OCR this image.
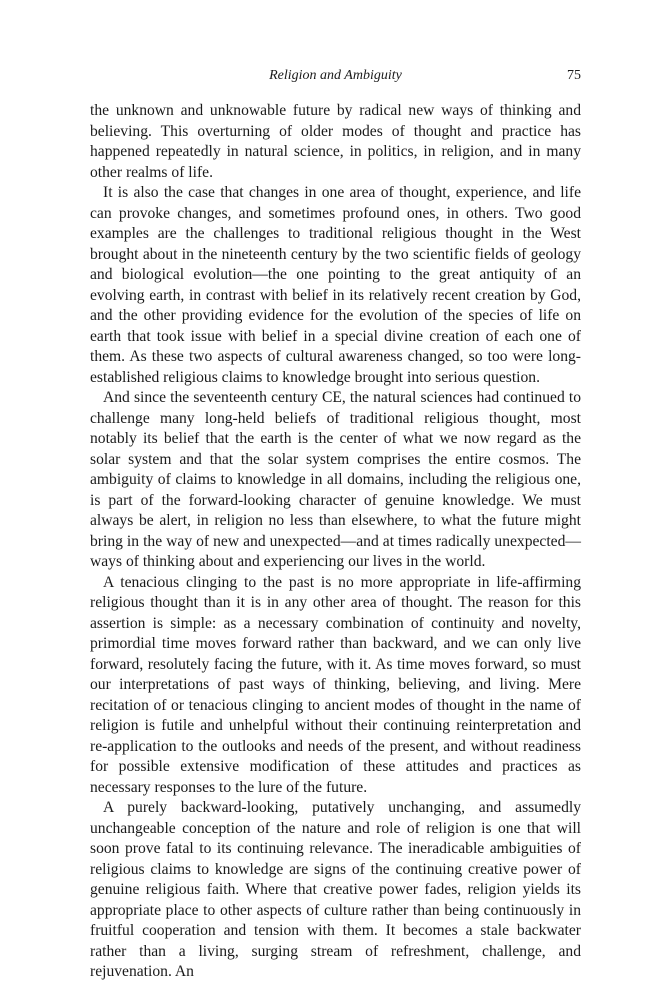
Religion and Ambiguity	75

the unknown and unknowable future by radical new ways of thinking and believing. This overturning of older modes of thought and practice has happened repeatedly in natural science, in politics, in religion, and in many other realms of life.

It is also the case that changes in one area of thought, experience, and life can provoke changes, and sometimes profound ones, in others. Two good examples are the challenges to traditional religious thought in the West brought about in the nineteenth century by the two scientific fields of geology and biological evolution—the one pointing to the great antiquity of an evolving earth, in contrast with belief in its relatively recent creation by God, and the other providing evidence for the evolution of the species of life on earth that took issue with belief in a special divine creation of each one of them. As these two aspects of cultural awareness changed, so too were long-established religious claims to knowledge brought into serious question.

And since the seventeenth century CE, the natural sciences had continued to challenge many long-held beliefs of traditional religious thought, most notably its belief that the earth is the center of what we now regard as the solar system and that the solar system comprises the entire cosmos. The ambiguity of claims to knowledge in all domains, including the religious one, is part of the forward-looking character of genuine knowledge. We must always be alert, in religion no less than elsewhere, to what the future might bring in the way of new and unexpected—and at times radically unexpected—ways of thinking about and experiencing our lives in the world.

A tenacious clinging to the past is no more appropriate in life-affirming religious thought than it is in any other area of thought. The reason for this assertion is simple: as a necessary combination of continuity and novelty, primordial time moves forward rather than backward, and we can only live forward, resolutely facing the future, with it. As time moves forward, so must our interpretations of past ways of thinking, believing, and living. Mere recitation of or tenacious clinging to ancient modes of thought in the name of religion is futile and unhelpful without their continuing reinterpretation and re-application to the outlooks and needs of the present, and without readiness for possible extensive modification of these attitudes and practices as necessary responses to the lure of the future.

A purely backward-looking, putatively unchanging, and assumedly unchangeable conception of the nature and role of religion is one that will soon prove fatal to its continuing relevance. The ineradicable ambiguities of religious claims to knowledge are signs of the continuing creative power of genuine religious faith. Where that creative power fades, religion yields its appropriate place to other aspects of culture rather than being continuously in fruitful cooperation and tension with them. It becomes a stale backwater rather than a living, surging stream of refreshment, challenge, and rejuvenation. An
